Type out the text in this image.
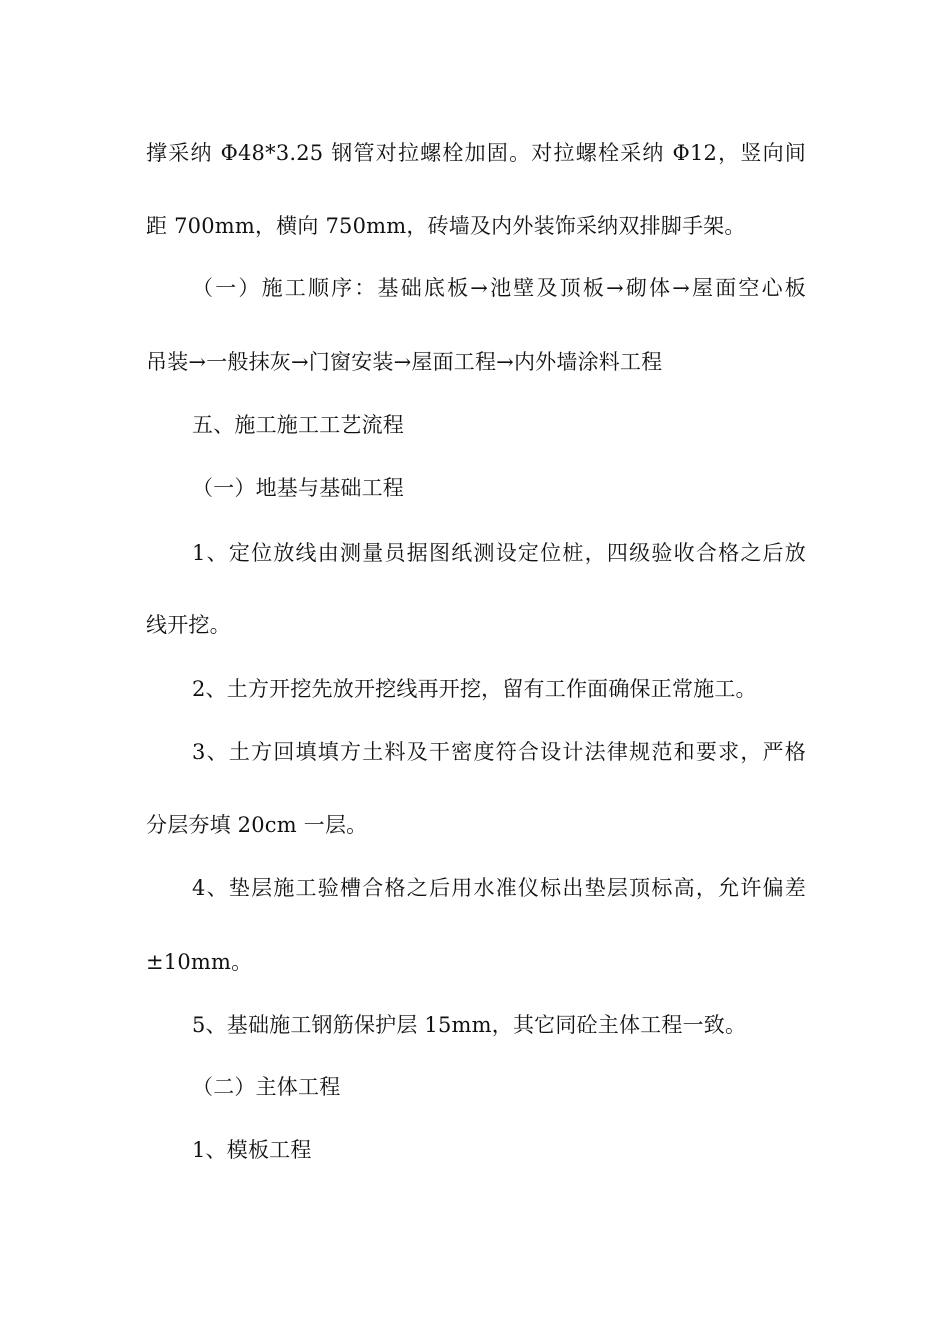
撑采纳 Φ48*3.25 钢管对拉螺栓加固。对拉螺栓采纳 Φ12，竖向间
距 700mm，横向 750mm，砖墙及内外装饰采纳双排脚手架。
（一）施工顺序：基础底板→池壁及顶板→砌体→屋面空心板
吊装→一般抹灰→门窗安装→屋面工程→内外墙涂料工程
五、施工施工工艺流程
（一）地基与基础工程
1、定位放线由测量员据图纸测设定位桩，四级验收合格之后放
线开挖。
2、土方开挖先放开挖线再开挖，留有工作面确保正常施工。
3、土方回填填方土料及干密度符合设计法律规范和要求，严格
分层夯填 20cm 一层。
4、垫层施工验槽合格之后用水准仪标出垫层顶标高，允许偏差
±10mm。
5、基础施工钢筋保护层 15mm，其它同砼主体工程一致。
（二）主体工程
1、模板工程
